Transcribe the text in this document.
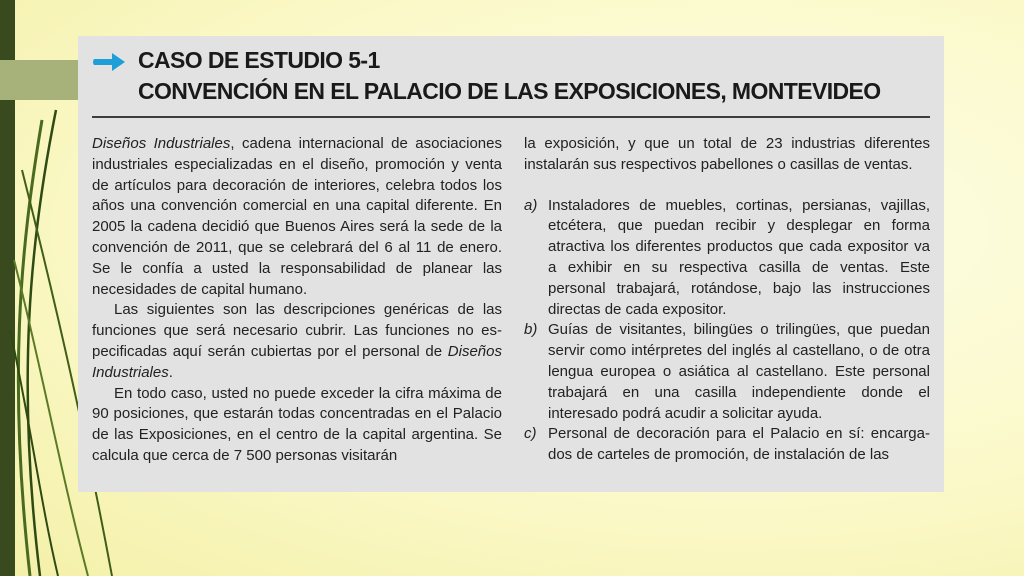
CASO DE ESTUDIO 5-1
CONVENCIÓN EN EL PALACIO DE LAS EXPOSICIONES, MONTEVIDEO

Diseños Industriales, cadena internacional de asociaciones industriales especializadas en el diseño, promoción y venta de artículos para decoración de interiores, celebra todos los años una convención comercial en una capital diferente. En 2005 la cadena decidió que Buenos Aires será la sede de la convención de 2011, que se celebrará del 6 al 11 de enero. Se le confía a usted la responsabilidad de planear las necesidades de capital humano.

Las siguientes son las descripciones genéricas de las funciones que será necesario cubrir. Las funciones no especificadas aquí serán cubiertas por el personal de Diseños Industriales.

En todo caso, usted no puede exceder la cifra máxima de 90 posiciones, que estarán todas concentradas en el Palacio de las Exposiciones, en el centro de la capital argentina. Se calcula que cerca de 7 500 personas visitarán

la exposición, y que un total de 23 industrias diferentes instalarán sus respectivos pabellones o casillas de ventas.

a) Instaladores de muebles, cortinas, persianas, vajillas, etcétera, que puedan recibir y desplegar en forma atractiva los diferentes productos que cada expositor va a exhibir en su respectiva casilla de ventas. Este personal trabajará, rotándose, bajo las instrucciones directas de cada expositor.
b) Guías de visitantes, bilingües o trilingües, que puedan servir como intérpretes del inglés al castellano, o de otra lengua europea o asiática al castellano. Este personal trabajará en una casilla independiente donde el interesado podrá acudir a solicitar ayuda.
c) Personal de decoración para el Palacio en sí: encargados de carteles de promoción, de instalación de las
